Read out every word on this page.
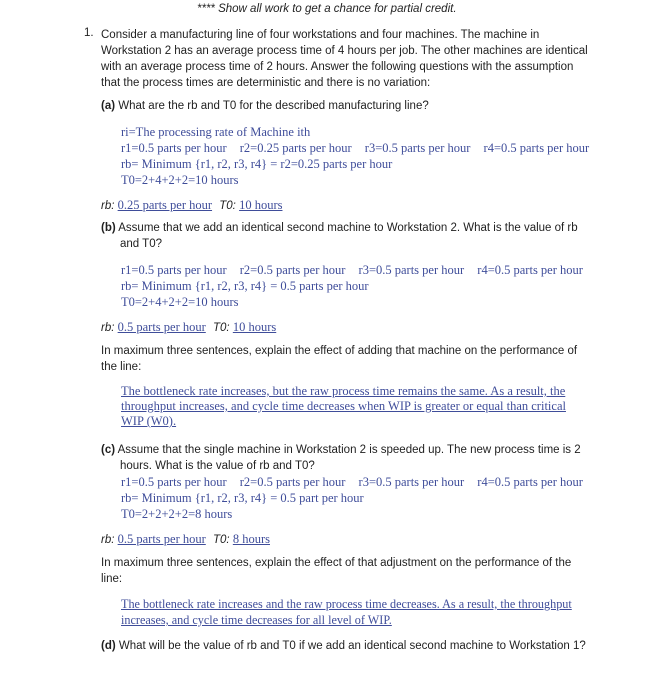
**** Show all work to get a chance for partial credit.
1. Consider a manufacturing line of four workstations and four machines. The machine in
Workstation 2 has an average process time of 4 hours per job. The other machines are identical
with an average process time of 2 hours. Answer the following questions with the assumption
that the process times are deterministic and there is no variation:
(a) What are the rb and T0 for the described manufacturing line?
ri=The processing rate of Machine ith
r1=0.5 parts per hour r2=0.25 parts per hour r3=0.5 parts per hour r4=0.5 parts per hour
rb= Minimum {r1, r2, r3, r4} = r2=0.25 parts per hour
T0=2+4+2+2=10 hours
rb: 0.25 parts per hour T0: 10 hours
(b) Assume that we add an identical second machine to Workstation 2. What is the value of rb
and T0?
r1=0.5 parts per hour r2=0.5 parts per hour r3=0.5 parts per hour r4=0.5 parts per hour
rb= Minimum {r1, r2, r3, r4} = 0.5 parts per hour
T0=2+4+2+2=10 hours
rb: 0.5 parts per hour T0: 10 hours
In maximum three sentences, explain the effect of adding that machine on the performance of
the line:
The bottleneck rate increases, but the raw process time remains the same. As a result, the
throughput increases, and cycle time decreases when WIP is greater or equal than critical
WIP (W0).
(c) Assume that the single machine in Workstation 2 is speeded up. The new process time is 2
hours. What is the value of rb and T0?
r1=0.5 parts per hour r2=0.5 parts per hour r3=0.5 parts per hour r4=0.5 parts per hour
rb= Minimum {r1, r2, r3, r4} = 0.5 part per hour
T0=2+2+2+2=8 hours
rb: 0.5 parts per hour T0: 8 hours
In maximum three sentences, explain the effect of that adjustment on the performance of the
line:
The bottleneck rate increases and the raw process time decreases. As a result, the throughput
increases, and cycle time decreases for all level of WIP.
(d) What will be the value of rb and T0 if we add an identical second machine to Workstation 1?
